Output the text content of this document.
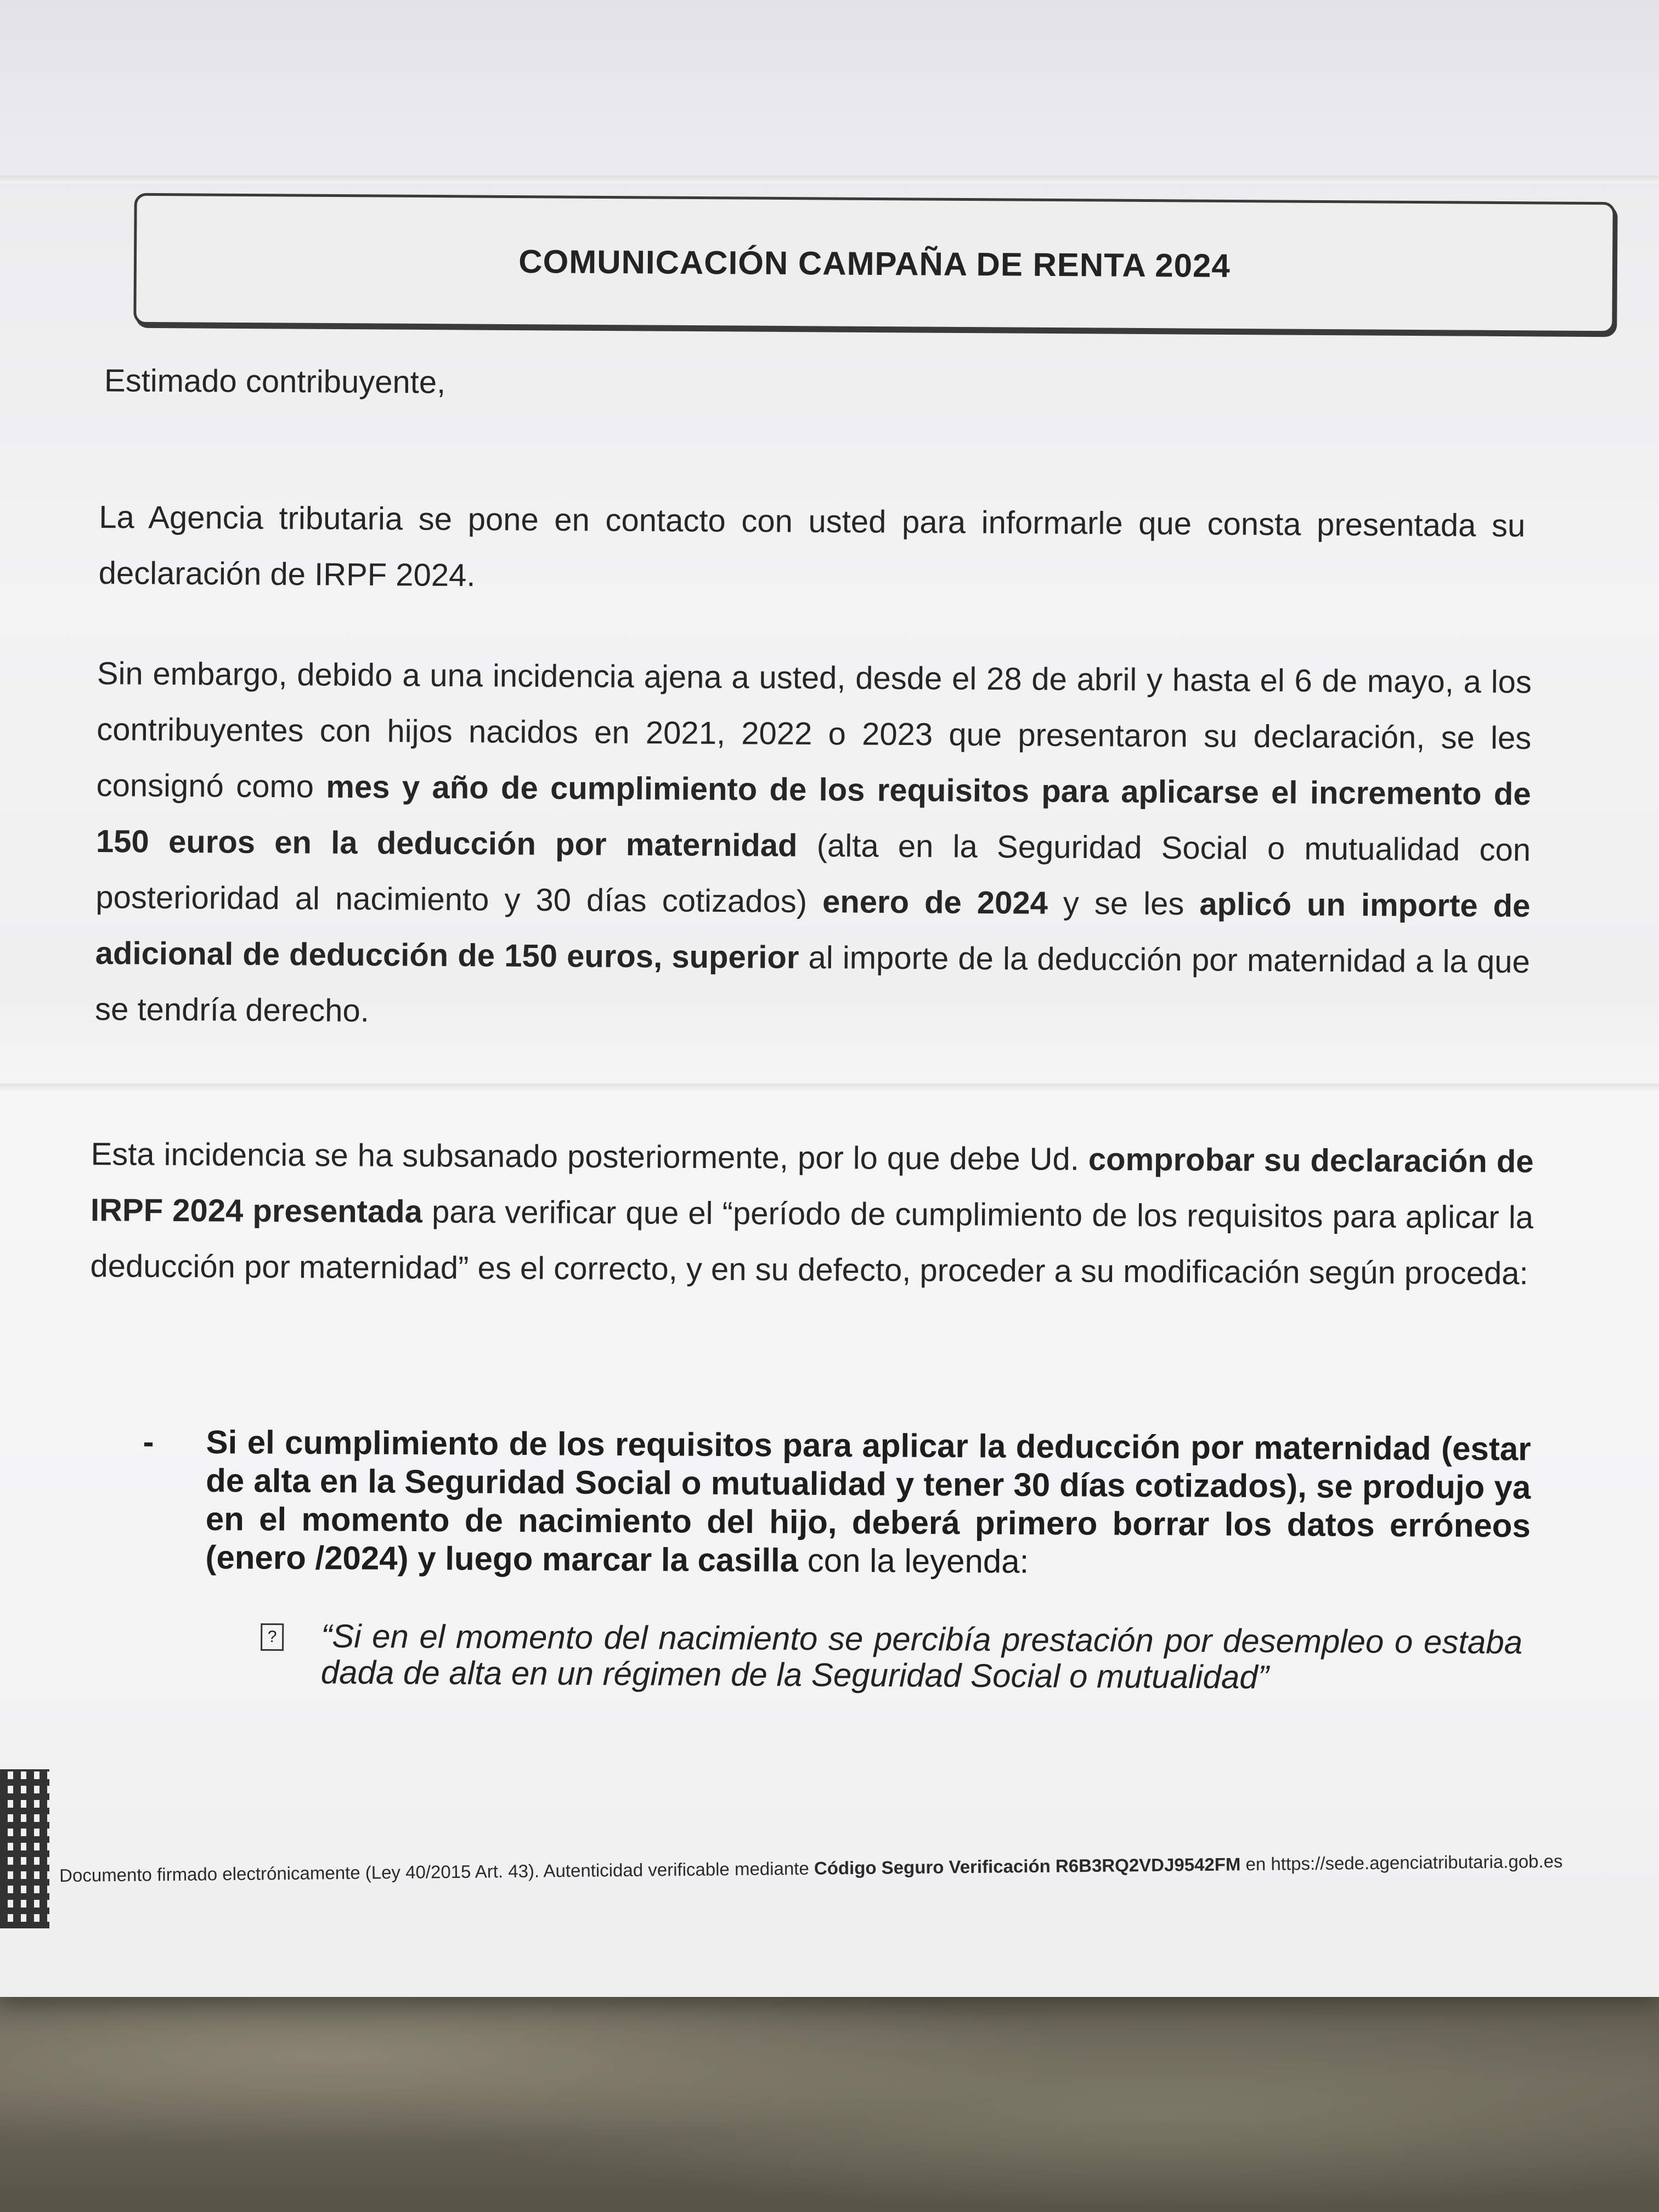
COMUNICACIÓN CAMPAÑA DE RENTA 2024
Estimado contribuyente,
La Agencia tributaria se pone en contacto con usted para informarle que consta presentada su declaración de IRPF 2024.
Sin embargo, debido a una incidencia ajena a usted, desde el 28 de abril y hasta el 6 de mayo, a los contribuyentes con hijos nacidos en 2021, 2022 o 2023 que presentaron su declaración, se les consignó como mes y año de cumplimiento de los requisitos para aplicarse el incremento de 150 euros en la deducción por maternidad (alta en la Seguridad Social o mutualidad con posterioridad al nacimiento y 30 días cotizados) enero de 2024 y se les aplicó un importe de adicional de deducción de 150 euros, superior al importe de la deducción por maternidad a la que se tendría derecho.
Esta incidencia se ha subsanado posteriormente, por lo que debe Ud. comprobar su declaración de IRPF 2024 presentada para verificar que el “período de cumplimiento de los requisitos para aplicar la deducción por maternidad” es el correcto, y en su defecto, proceder a su modificación según proceda:
- Si el cumplimiento de los requisitos para aplicar la deducción por maternidad (estar de alta en la Seguridad Social o mutualidad y tener 30 días cotizados), se produjo ya en el momento de nacimiento del hijo, deberá primero borrar los datos erróneos (enero /2024) y luego marcar la casilla con la leyenda:
? “Si en el momento del nacimiento se percibía prestación por desempleo o estaba dada de alta en un régimen de la Seguridad Social o mutualidad”
Documento firmado electrónicamente (Ley 40/2015 Art. 43). Autenticidad verificable mediante Código Seguro Verificación R6B3RQ2VDJ9542FM en https://sede.agenciatributaria.gob.es
